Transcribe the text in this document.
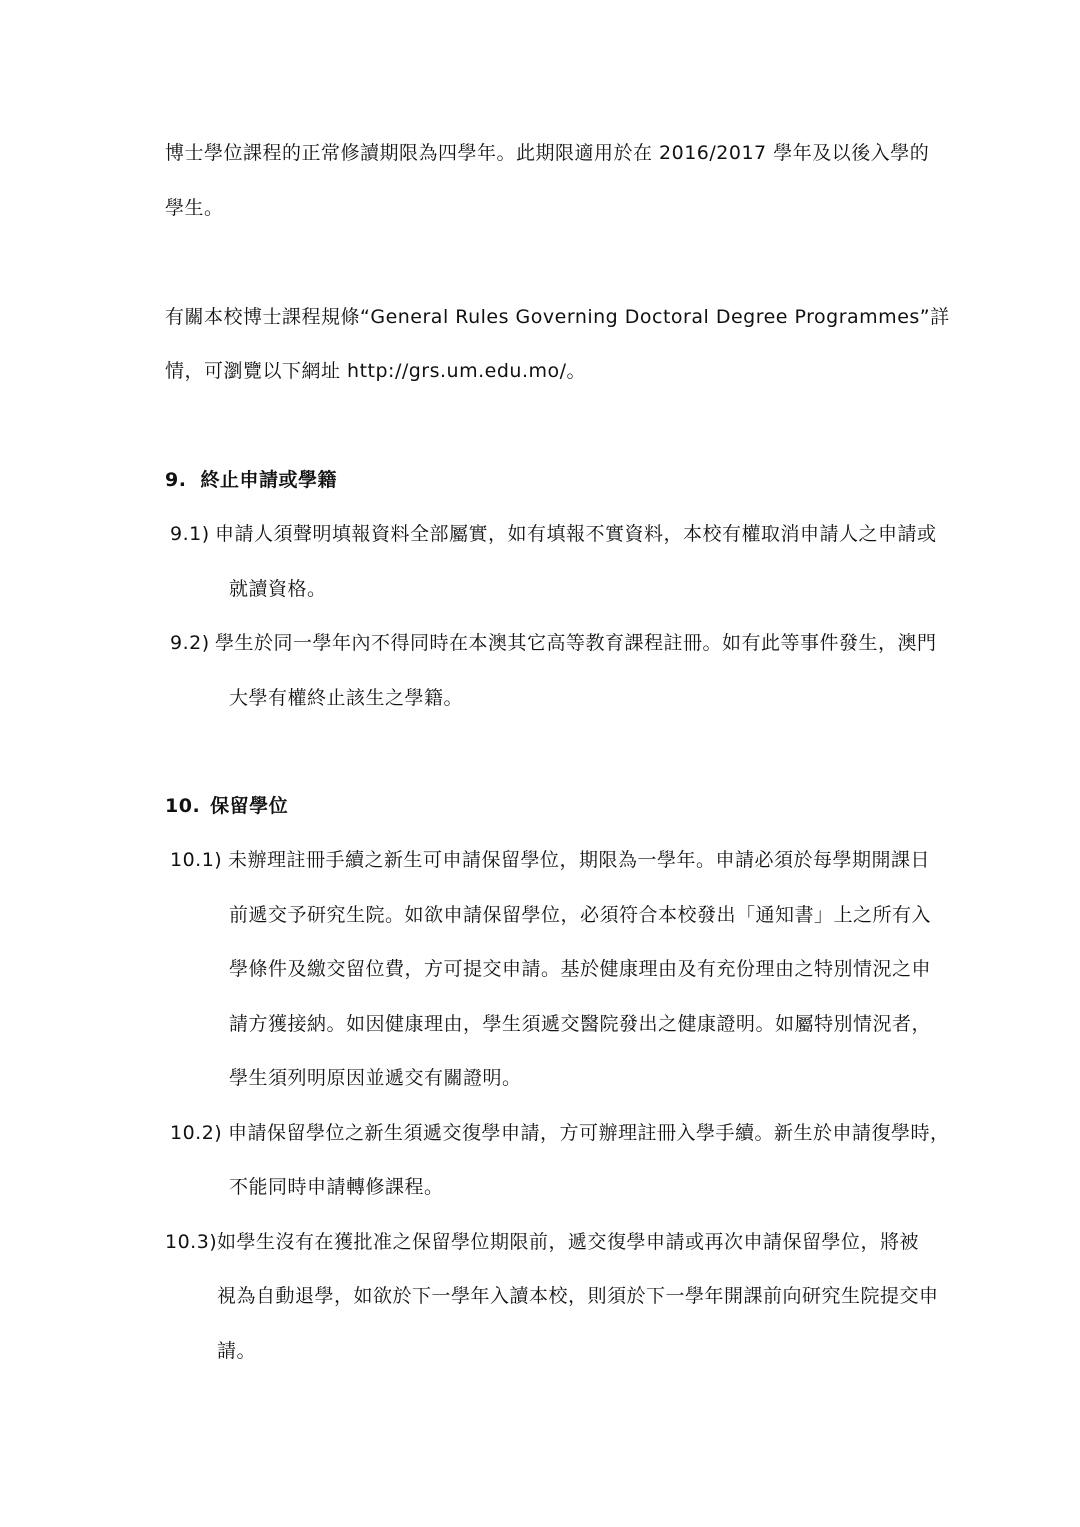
博士學位課程的正常修讀期限為四學年。此期限適用於在 2016/2017 學年及以後入學的
學生。
有關本校博士課程規條“General Rules Governing Doctoral Degree Programmes”詳
情，可瀏覽以下網址 http://grs.um.edu.mo/。
9. 終止申請或學籍
9.1) 申請人須聲明填報資料全部屬實，如有填報不實資料，本校有權取消申請人之申請或
就讀資格。
9.2) 學生於同一學年內不得同時在本澳其它高等教育課程註冊。如有此等事件發生，澳門
大學有權終止該生之學籍。
10. 保留學位
10.1) 未辦理註冊手續之新生可申請保留學位，期限為一學年。申請必須於每學期開課日
前遞交予研究生院。如欲申請保留學位，必須符合本校發出「通知書」上之所有入
學條件及繳交留位費，方可提交申請。基於健康理由及有充份理由之特別情況之申
請方獲接納。如因健康理由，學生須遞交醫院發出之健康證明。如屬特別情況者，
學生須列明原因並遞交有關證明。
10.2) 申請保留學位之新生須遞交復學申請，方可辦理註冊入學手續。新生於申請復學時，
不能同時申請轉修課程。
10.3)如學生沒有在獲批准之保留學位期限前，遞交復學申請或再次申請保留學位，將被
視為自動退學，如欲於下一學年入讀本校，則須於下一學年開課前向研究生院提交申
請。
